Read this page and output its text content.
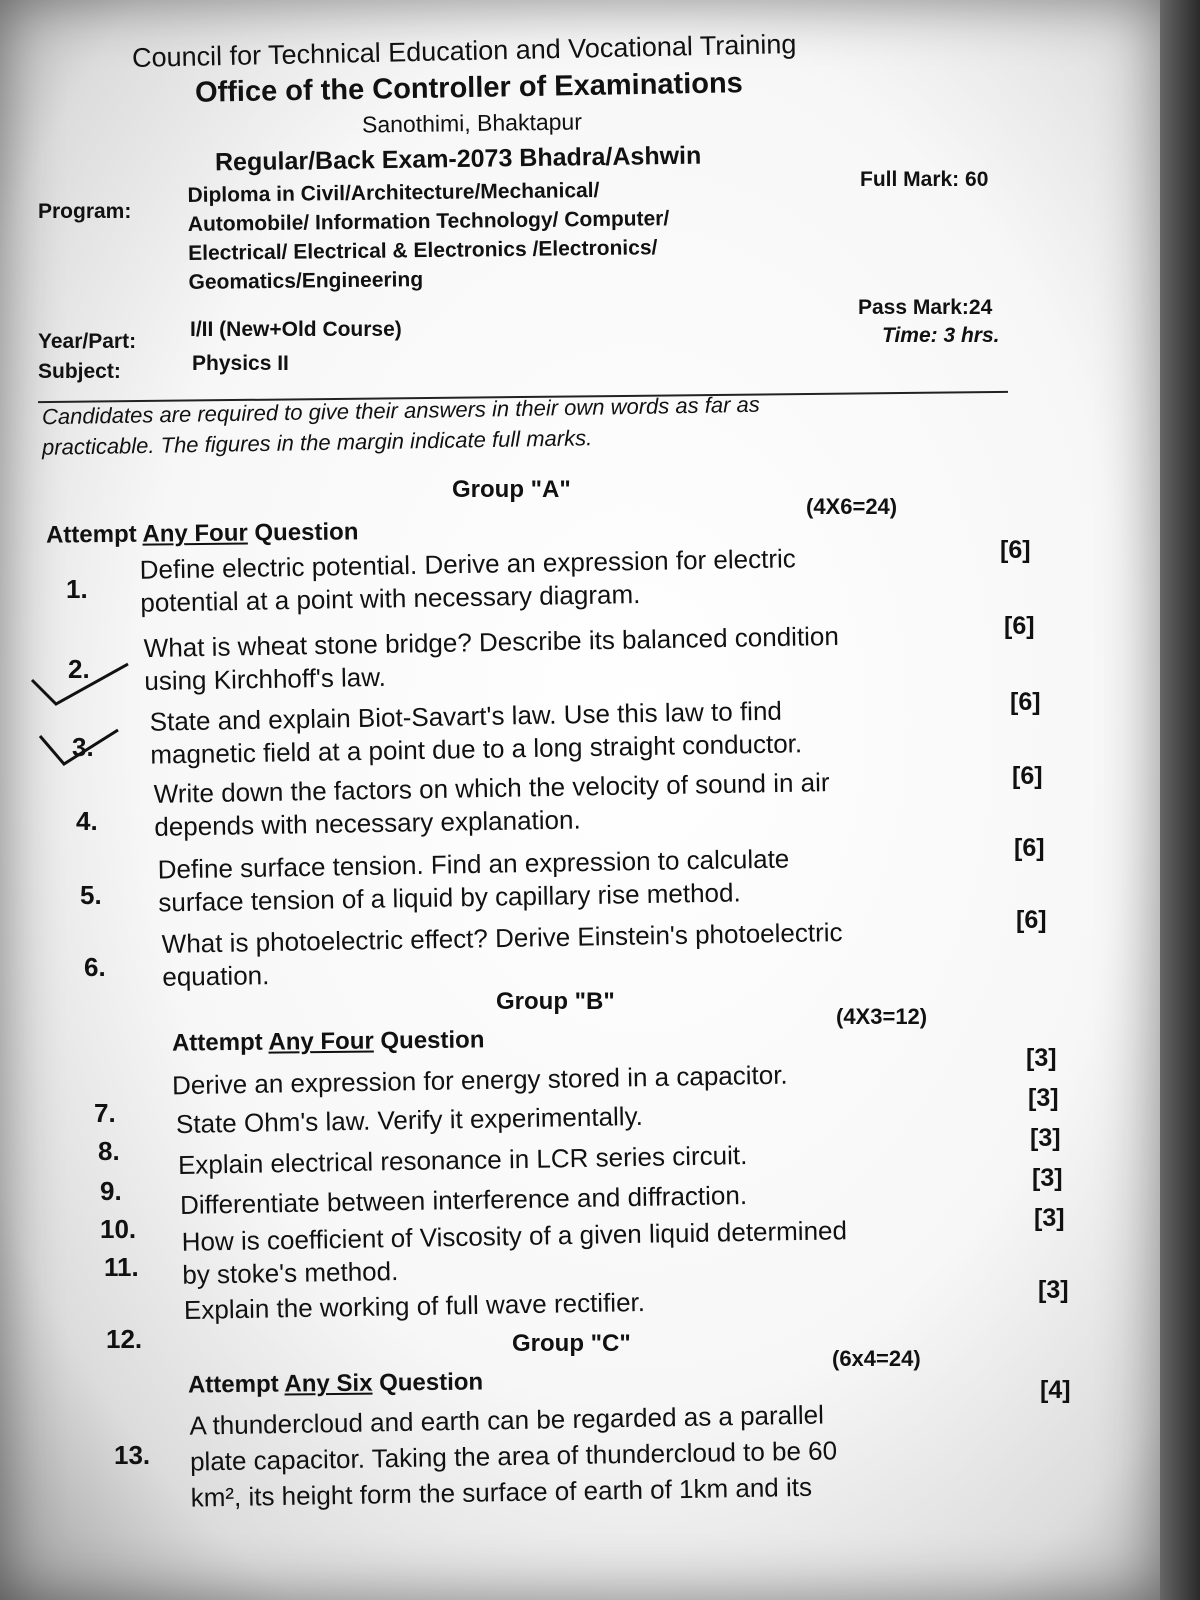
Council for Technical Education and Vocational Training
Office of the Controller of Examinations
Sanothimi, Bhaktapur
Regular/Back Exam-2073 Bhadra/Ashwin
Program:
Diploma in Civil/Architecture/Mechanical/
Automobile/ Information Technology/ Computer/
Electrical/ Electrical & Electronics /Electronics/
Geomatics/Engineering
Full Mark: 60
Pass Mark:24
Time: 3 hrs.
Year/Part:
I/II (New+Old Course)
Subject:	Physics II
Candidates are required to give their answers in their own words as far as
practicable. The figures in the margin indicate full marks.
Group "A"
(4X6=24)
Attempt Any Four Question
1.
Define electric potential. Derive an expression for electric
potential at a point with necessary diagram.
[6]
2.
What is wheat stone bridge? Describe its balanced condition
using Kirchhoff's law.
[6]
3.
State and explain Biot-Savart's law. Use this law to find
magnetic field at a point due to a long straight conductor.
[6]
4.
Write down the factors on which the velocity of sound in air
depends with necessary explanation.
[6]
5.
Define surface tension. Find an expression to calculate
surface tension of a liquid by capillary rise method.
[6]
6.
What is photoelectric effect? Derive Einstein's photoelectric
equation.
[6]
Group "B"
(4X3=12)
Attempt Any Four Question
7.
Derive an expression for energy stored in a capacitor.
[3]
8.
State Ohm's law. Verify it experimentally.
[3]
9.
Explain electrical resonance in LCR series circuit.
[3]
10.
Differentiate between interference and diffraction.
[3]
11.
How is coefficient of Viscosity of a given liquid determined
by stoke's method.
[3]
12.
Explain the working of full wave rectifier.	[3]
Group "C"
(6x4=24)
Attempt Any Six Question
13.
A thundercloud and earth can be regarded as a parallel
plate capacitor. Taking the area of thundercloud to be 60
km², its height form the surface of earth of 1km and its
[4]
